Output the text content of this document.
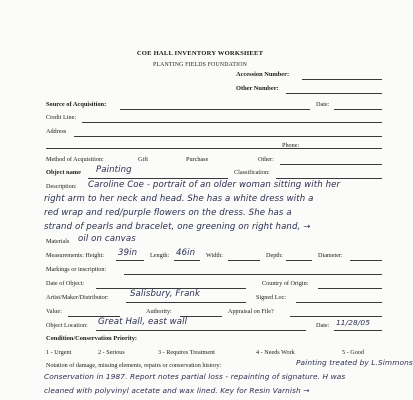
COE HALL INVENTORY WORKSHEET
PLANTING FIELDS FOUNDATION
Accession Number:
Other Number:
Source of Acquisition:	Date:
Credit Line:
Address
Phone:
Method of Acquisition:	Gift	Purchase	Other:
Object name Painting	Classification:
Description: Caroline Coe - portrait of an older woman sitting with her
right arm to her neck and head. She has a white dress with a
red wrap and red/purple flowers on the dress. She has a
strand of pearls and bracelet, one greening on right hand, →
Materials oil on canvas
Measurements: Height: 39in Length: 46in Width:	Depth:	Diameter:
Markings or inscription:
Date of Object:	Country of Origin:
Artist/Maker/Distributor: Salisbury, Frank	Signed Loc:
Value:	Authority:	Appraisal on File?
Object Location: Great Hall, east wall	Date: 11/28/05
Condition/Conservation Priority:
1 - Urgent	2 - Serious	3 - Requires Treatment	4 - Needs Work	5 - Good
Notation of damage, missing elements, repairs or conservation history:	Painting treated by L.Simmons
Conservation in 1987. Report notes partial loss - repainting of signature. H was
cleaned with polyvinyl acetate and wax lined. Key for Resin Varnish →
